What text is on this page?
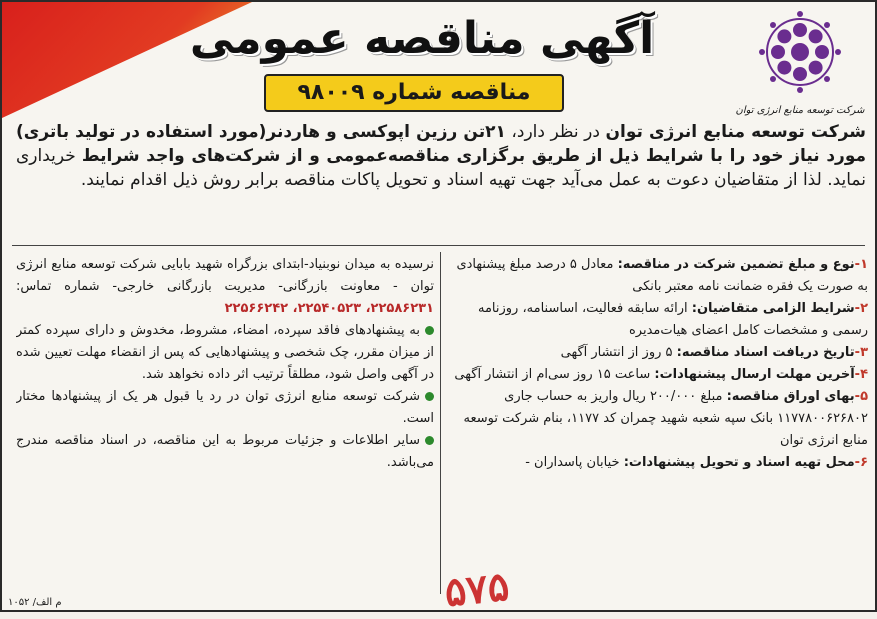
آگهی مناقصه عمومی
مناقصه شماره ۹۸۰۰۹
شرکت توسعه منابع انرژی توان
شرکت توسعه منابع انرژی توان در نظر دارد، ۲۱تن رزین اپوکسی و هاردنر(مورد استفاده در تولید باتری) مورد نیاز خود را با شرایط ذیل از طریق برگزاری مناقصه‌عمومی و از شرکت‌های واجد شرایط خریداری نماید. لذا از متقاضیان دعوت به عمل می‌آید جهت تهیه اسناد و تحویل پاکات مناقصه برابر روش ذیل اقدام نمایند.

۱-نوع و مبلغ تضمین شرکت در مناقصه: معادل ۵ درصد مبلغ پیشنهادی به صورت یک فقره ضمانت نامه معتبر بانکی

۲-شرایط الزامی متقاضیان: ارائه سابقه فعالیت، اساسنامه، روزنامه رسمی و مشخصات کامل اعضای هیات‌مدیره

۳-تاریخ دریافت اسناد مناقصه: ۵ روز از انتشار آگهی

۴-آخرین مهلت ارسال پیشنهادات: ساعت ۱۵ روز سی‌ام از انتشار آگهی

۵-بهای اوراق مناقصه: مبلغ ۲۰۰/۰۰۰ ریال واریز به حساب جاری ۱۱۷۷۸۰۰۶۲۶۸۰۲ بانک سپه شعبه شهید چمران کد ۱۱۷۷، بنام شرکت توسعه منابع انرژی توان

۶-محل تهیه اسناد و تحویل پیشنهادات: خیابان پاسداران -

نرسیده به میدان نوبنیاد-ابتدای بزرگراه شهید بابایی شرکت توسعه منابع انرژی توان - معاونت بازرگانی- مدیریت بازرگانی خارجی- شماره تماس: ۲۲۵۸۶۲۳۱، ۲۲۵۴۰۵۲۳، ۲۲۵۶۶۲۴۲

به پیشنهادهای فاقد سپرده، امضاء، مشروط، مخدوش و دارای سپرده کمتر از میزان مقرر، چک شخصی و پیشنهادهایی که پس از انقضاء مهلت تعیین شده در آگهی واصل شود، مطلقاً ترتیب اثر داده نخواهد شد.

شرکت توسعه منابع انرژی توان در رد یا قبول هر یک از پیشنهادها مختار است.

سایر اطلاعات و جزئیات مربوط به این مناقصه، در اسناد مناقصه مندرج می‌باشد.

۵۷۵
م الف/ ۱۰۵۲
